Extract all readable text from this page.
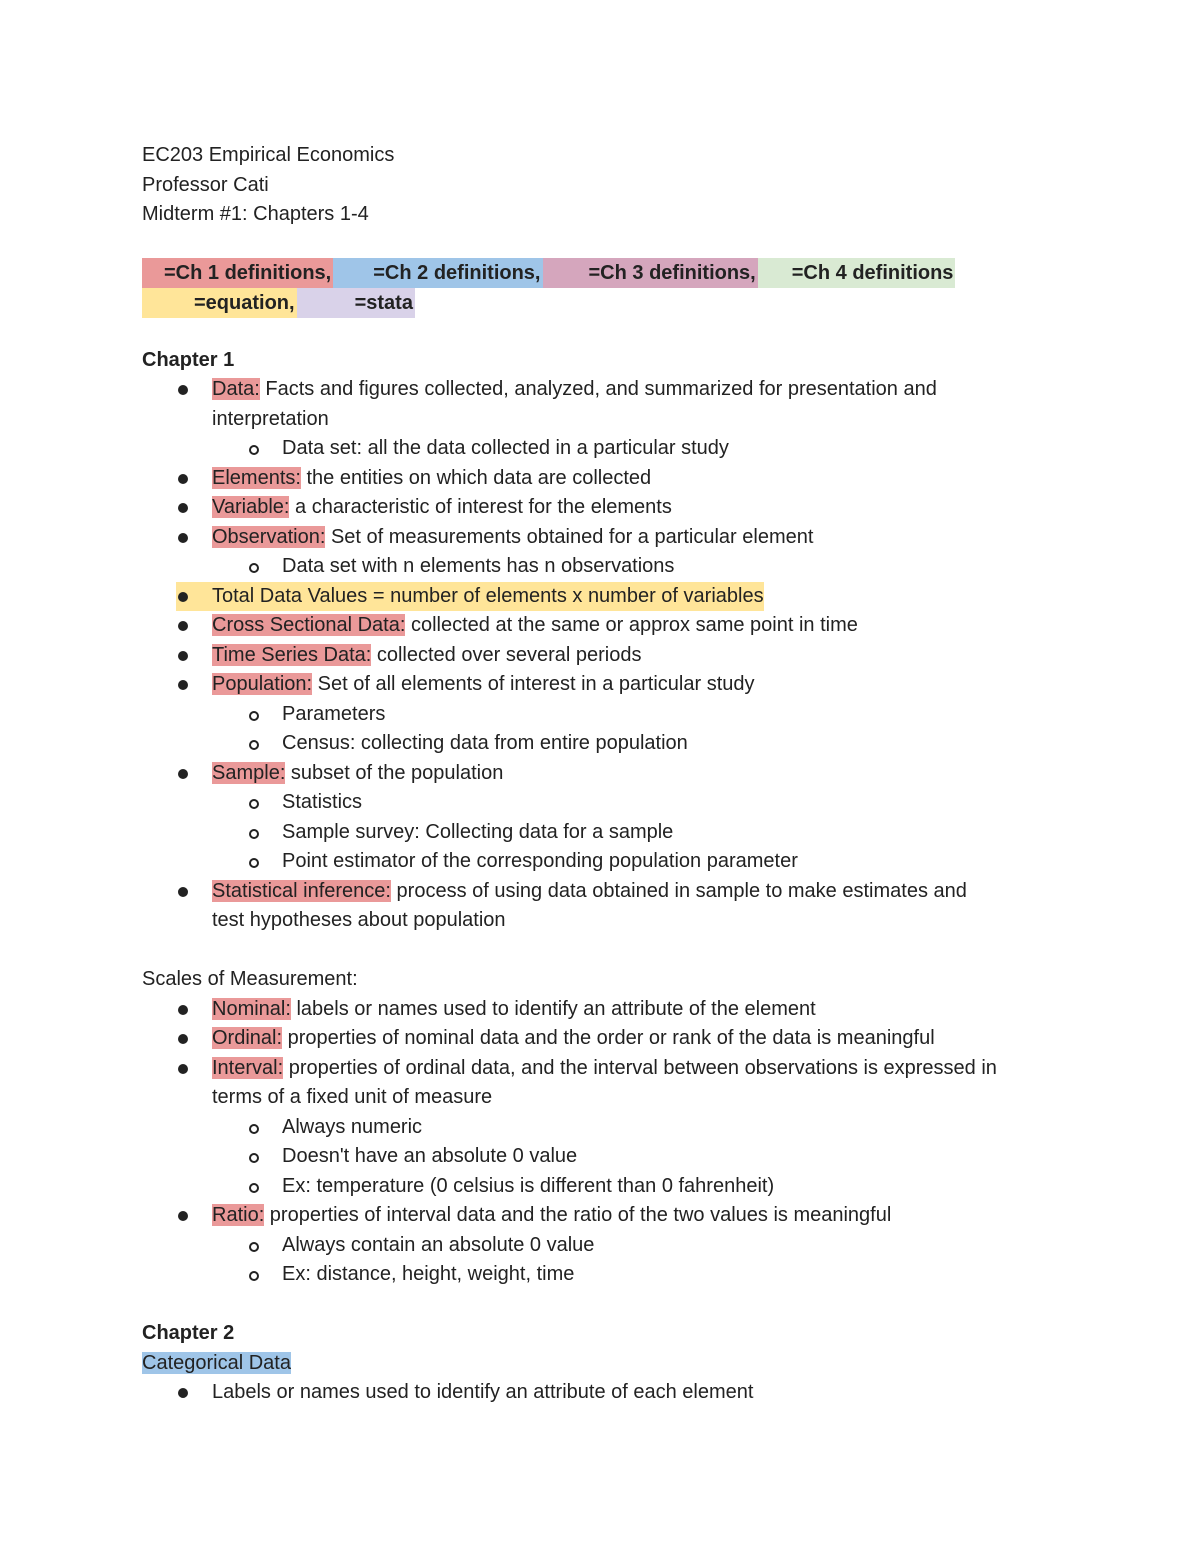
EC203 Empirical Economics
Professor Cati
Midterm #1: Chapters 1-4
=Ch 1 definitions, =Ch 2 definitions, =Ch 3 definitions, =Ch 4 definitions
=equation,	=stata
Chapter 1
Data: Facts and figures collected, analyzed, and summarized for presentation and
interpretation
Data set: all the data collected in a particular study
Elements: the entities on which data are collected
Variable: a characteristic of interest for the elements
Observation: Set of measurements obtained for a particular element
Data set with n elements has n observations
Total Data Values = number of elements x number of variables
Cross Sectional Data: collected at the same or approx same point in time
Time Series Data: collected over several periods
Population: Set of all elements of interest in a particular study
Parameters
Census: collecting data from entire population
Sample: subset of the population
Statistics
Sample survey: Collecting data for a sample
Point estimator of the corresponding population parameter
Statistical inference: process of using data obtained in sample to make estimates and
test hypotheses about population
Scales of Measurement:
Nominal: labels or names used to identify an attribute of the element
Ordinal: properties of nominal data and the order or rank of the data is meaningful
Interval: properties of ordinal data, and the interval between observations is expressed in
terms of a fixed unit of measure
Always numeric
Doesn't have an absolute 0 value
Ex: temperature (0 celsius is different than 0 fahrenheit)
Ratio: properties of interval data and the ratio of the two values is meaningful
Always contain an absolute 0 value
Ex: distance, height, weight, time
Chapter 2
Categorical Data
Labels or names used to identify an attribute of each element
